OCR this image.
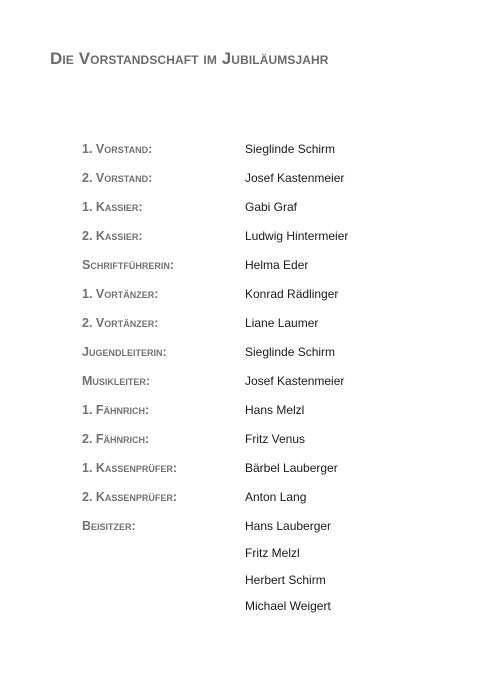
Die Vorstandschaft im Jubiläumsjahr
1. Vorstand:	Sieglinde Schirm
2. Vorstand:	Josef Kastenmeier
1. Kassier:	Gabi Graf
2. Kassier:	Ludwig Hintermeier
Schriftführerin:	Helma Eder
1. Vortänzer:	Konrad Rädlinger
2. Vortänzer:	Liane Laumer
Jugendleiterin:	Sieglinde Schirm
Musikleiter:	Josef Kastenmeier
1. Fähnrich:	Hans Melzl
2. Fähnrich:	Fritz Venus
1. Kassenprüfer:	Bärbel Lauberger
2. Kassenprüfer:	Anton Lang
Beisitzer:	Hans Lauberger
Fritz Melzl
Herbert Schirm
Michael Weigert
